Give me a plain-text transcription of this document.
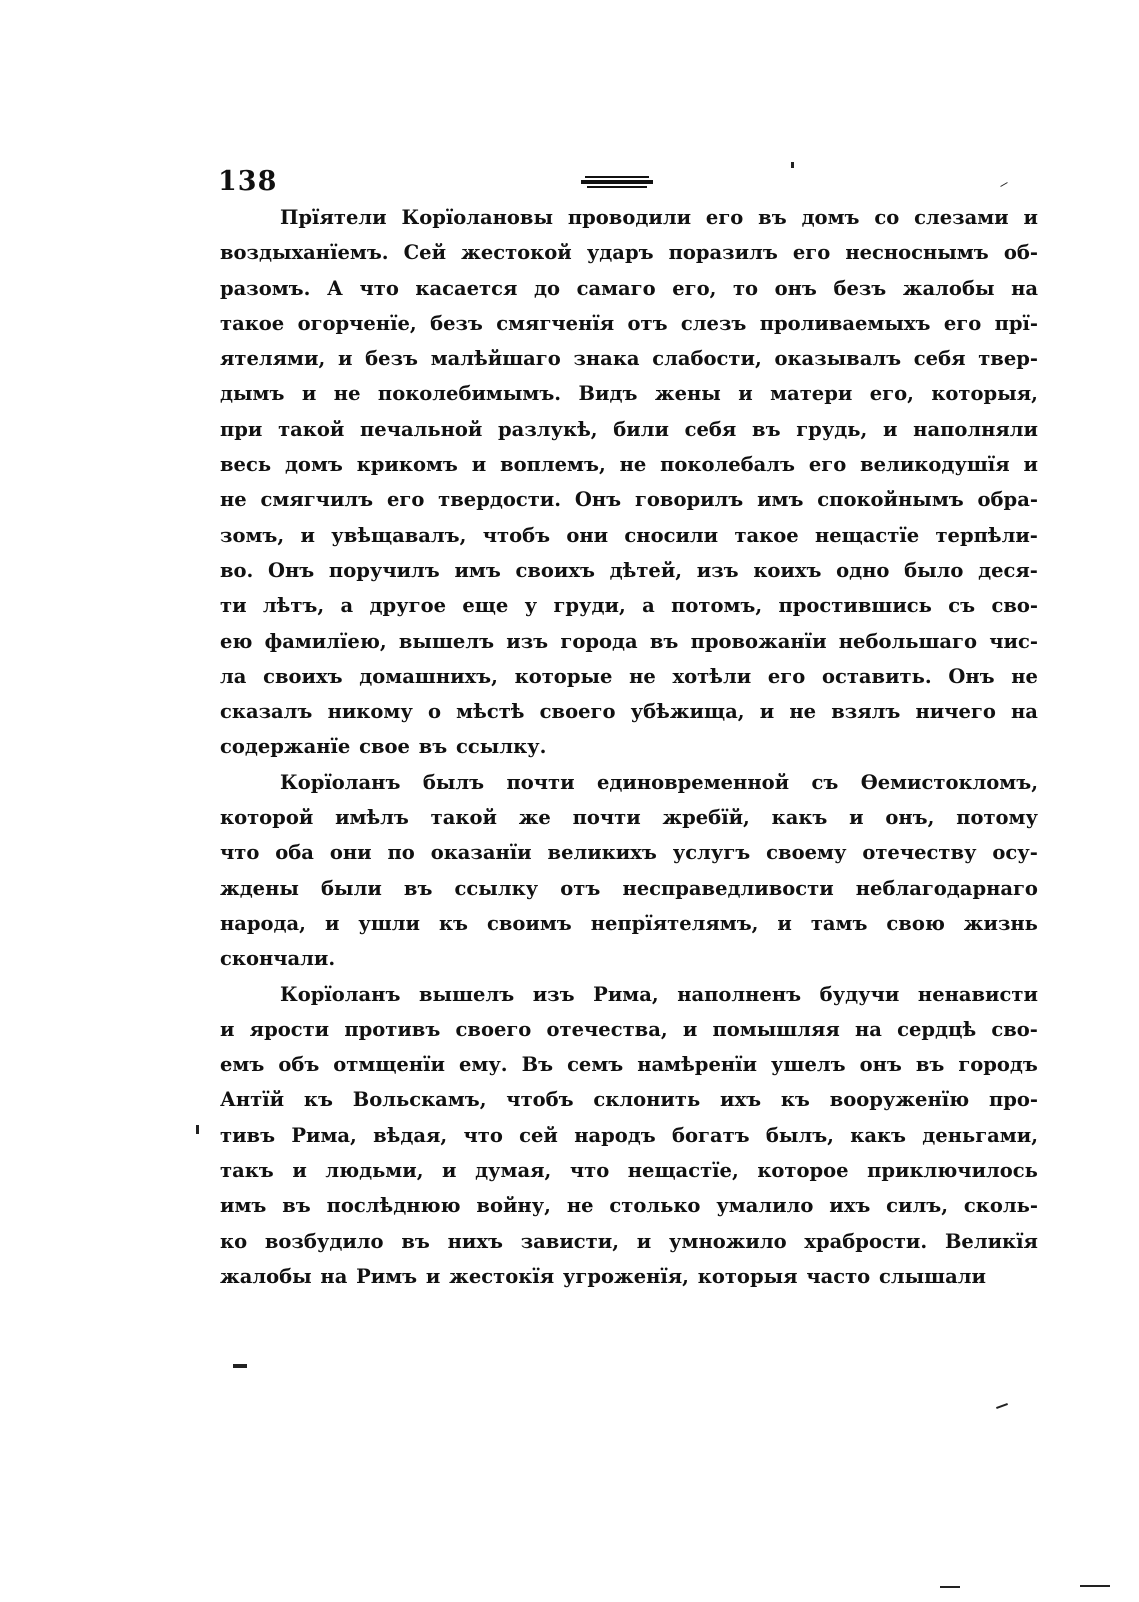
138
Прїятели Корїолановы проводили его въ домъ со слезами и
воздыханїемъ. Сей жестокой ударъ поразилъ его несноснымъ об-
разомъ. А что касается до самаго его, то онъ безъ жалобы на
такое огорченїе, безъ смягченїя отъ слезъ проливаемыхъ его прї-
ятелями, и безъ малѣйшаго знака слабости, оказывалъ себя твер-
дымъ и не поколебимымъ. Видъ жены и матери его, которыя,
при такой печальной разлукѣ, били себя въ грудь, и наполняли
весь домъ крикомъ и воплемъ, не поколебалъ его великодушїя и
не смягчилъ его твердости. Онъ говорилъ имъ спокойнымъ обра-
зомъ, и увѣщавалъ, чтобъ они сносили такое нещастїе терпѣли-
во. Онъ поручилъ имъ своихъ дѣтей, изъ коихъ одно было деся-
ти лѣтъ, а другое еще у груди, а потомъ, простившись съ сво-
ею фамилїею, вышелъ изъ города въ провожанїи небольшаго чис-
ла своихъ домашнихъ, которые не хотѣли его оставить. Онъ не
сказалъ никому о мѣстѣ своего убѣжища, и не взялъ ничего на
содержанїе свое въ ссылку.
Корїоланъ былъ почти единовременной съ Ѳемистокломъ,
которой имѣлъ такой же почти жребїй, какъ и онъ, потому
что оба они по оказанїи великихъ услугъ своему отечеству осу-
ждены были въ ссылку отъ несправедливости неблагодарнаго
народа, и ушли къ своимъ непрїятелямъ, и тамъ свою жизнь
скончали.
Корїоланъ вышелъ изъ Рима, наполненъ будучи ненависти
и ярости противъ своего отечества, и помышляя на сердцѣ сво-
емъ объ отмщенїи ему. Въ семъ намѣренїи ушелъ онъ въ городъ
Антїй къ Вольскамъ, чтобъ склонить ихъ къ вооруженїю про-
тивъ Рима, вѣдая, что сей народъ богатъ былъ, какъ деньгами,
такъ и людьми, и думая, что нещастїе, которое приключилось
имъ въ послѣднюю войну, не столько умалило ихъ силъ, сколь-
ко возбудило въ нихъ зависти, и умножило храбрости. Великїя
жалобы на Римъ и жестокїя угроженїя, которыя часто слышали
